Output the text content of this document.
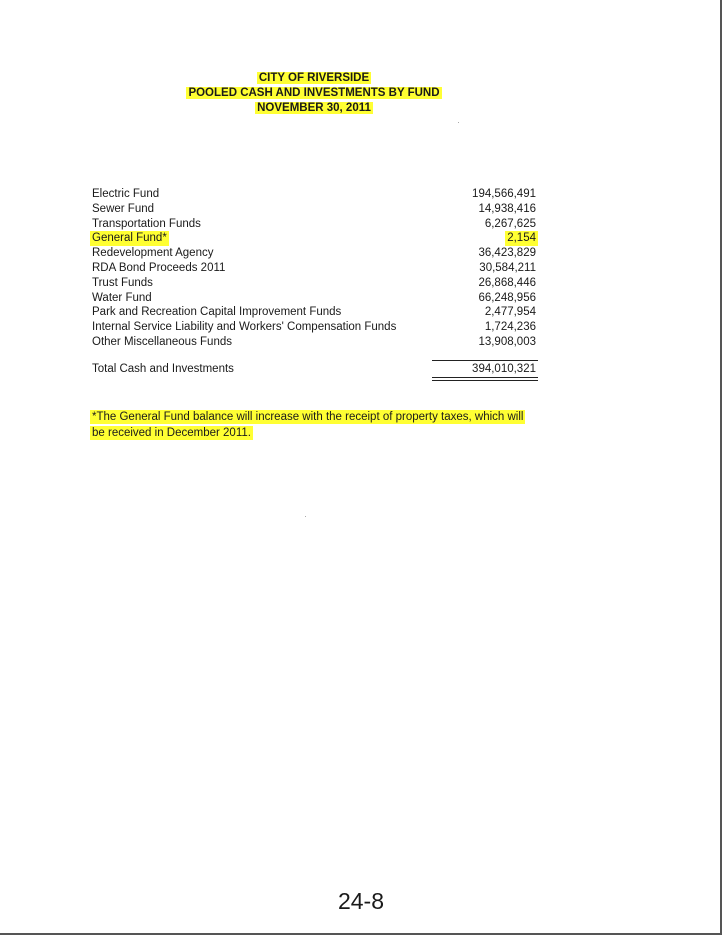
CITY OF RIVERSIDE
POOLED CASH AND INVESTMENTS BY FUND
NOVEMBER 30, 2011
Electric Fund	194,566,491
Sewer Fund	14,938,416
Transportation Funds	6,267,625
General Fund*	2,154
Redevelopment Agency	36,423,829
RDA Bond Proceeds 2011	30,584,211
Trust Funds	26,868,446
Water Fund	66,248,956
Park and Recreation Capital Improvement Funds	2,477,954
Internal Service Liability and Workers' Compensation Funds	1,724,236
Other Miscellaneous Funds	13,908,003
Total Cash and Investments	394,010,321
*The General Fund balance will increase with the receipt of property taxes, which will be received in December 2011.
24-8
